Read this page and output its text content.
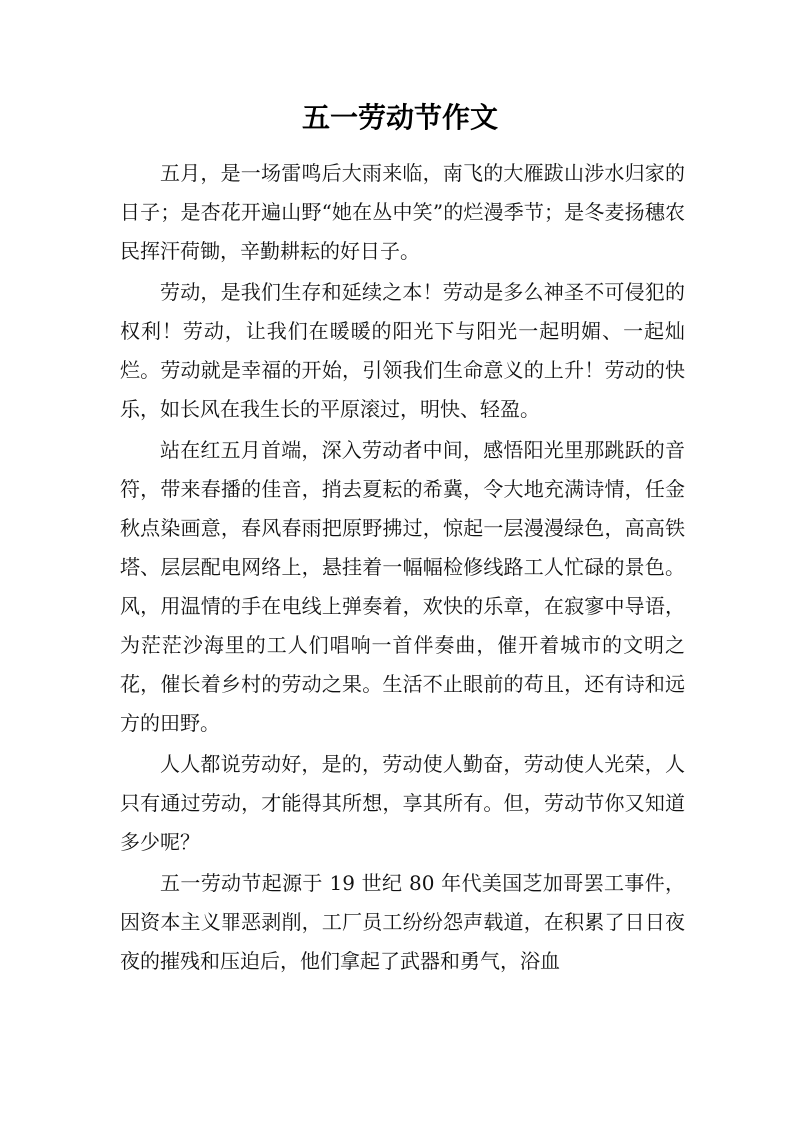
五一劳动节作文

五月，是一场雷鸣后大雨来临，南飞的大雁跋山涉水归家的日子；是杏花开遍山野“她在丛中笑”的烂漫季节；是冬麦扬穗农民挥汗荷锄，辛勤耕耘的好日子。

劳动，是我们生存和延续之本！劳动是多么神圣不可侵犯的权利！劳动，让我们在暖暖的阳光下与阳光一起明媚、一起灿烂。劳动就是幸福的开始，引领我们生命意义的上升！劳动的快乐，如长风在我生长的平原滚过，明快、轻盈。

站在红五月首端，深入劳动者中间，感悟阳光里那跳跃的音符，带来春播的佳音，捎去夏耘的希冀，令大地充满诗情，任金秋点染画意，春风春雨把原野拂过，惊起一层漫漫绿色，高高铁塔、层层配电网络上，悬挂着一幅幅检修线路工人忙碌的景色。风，用温情的手在电线上弹奏着，欢快的乐章，在寂寥中导语，为茫茫沙海里的工人们唱响一首伴奏曲，催开着城市的文明之花，催长着乡村的劳动之果。生活不止眼前的苟且，还有诗和远方的田野。

人人都说劳动好，是的，劳动使人勤奋，劳动使人光荣，人只有通过劳动，才能得其所想，享其所有。但，劳动节你又知道多少呢？

五一劳动节起源于 19 世纪 80 年代美国芝加哥罢工事件，因资本主义罪恶剥削，工厂员工纷纷怨声载道，在积累了日日夜夜的摧残和压迫后，他们拿起了武器和勇气，浴血
